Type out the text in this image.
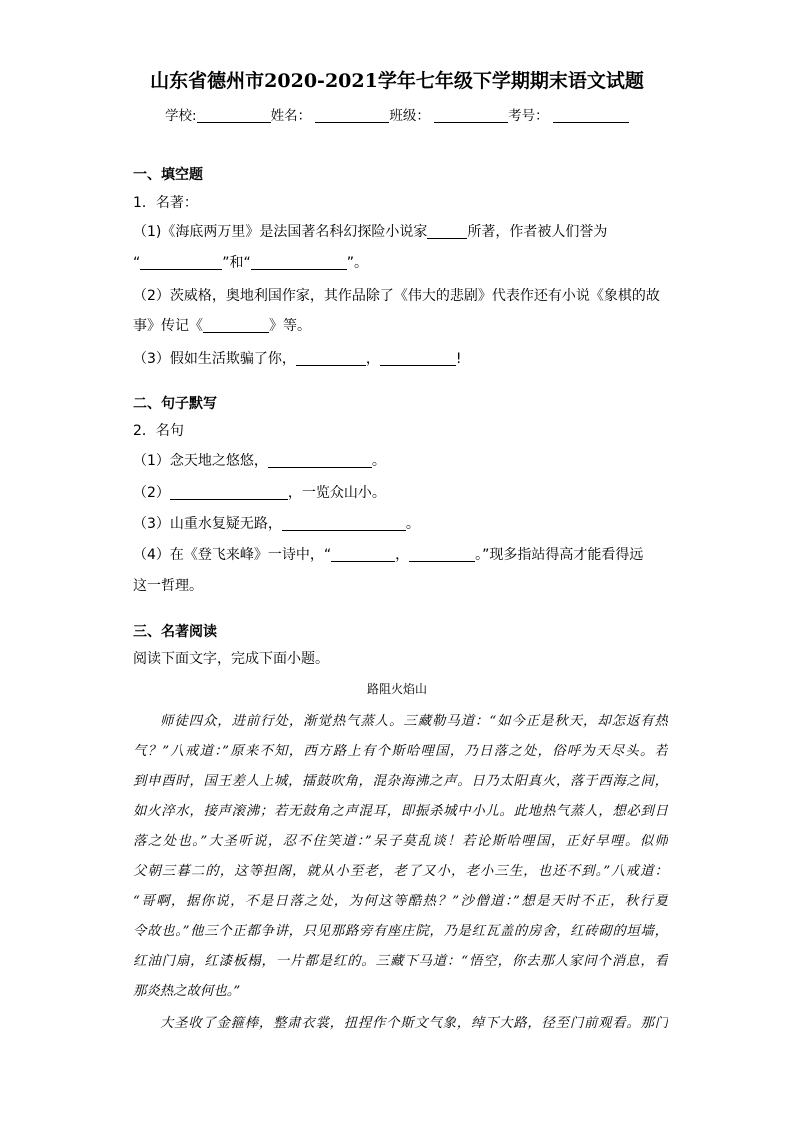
山东省德州市2020-2021学年七年级下学期期末语文试题
学校:	姓名：	班级：	考号：
一、填空题
1．名著：
（1)《海底两万里》是法国著名科幻探险小说家	所著，作者被人们誉为
“	”和“	”。
（2）茨威格，奥地利国作家，其作品除了《伟大的悲剧》代表作还有小说《象棋的故
事》传记《	》等。
（3）假如生活欺骗了你，	，	!
二、句子默写
2．名句
（1）念天地之悠悠，	。
（2）	，一览众山小。
（3）山重水复疑无路，	。
（4）在《登飞来峰》一诗中，“	，	。”现多指站得高才能看得远
这一哲理。
三、名著阅读
阅读下面文字，完成下面小题。
路阻火焰山
师徒四众，进前行处，渐觉热气蒸人。三藏勒马道：“如今正是秋天，却怎返有热
气？”八戒道：”原来不知，西方路上有个斯哈哩国，乃日落之处，俗呼为天尽头。若
到申酉时，国王差人上城，擂鼓吹角，混杂海沸之声。日乃太阳真火，落于西海之间，
如火淬水，接声滚沸；若无鼓角之声混耳，即振杀城中小儿。此地热气蒸人，想必到日
落之处也。”大圣听说，忍不住笑道：”呆子莫乱谈！若论斯哈哩国，正好早哩。似师
父朝三暮二的，这等担阁，就从小至老，老了又小，老小三生，也还不到。”八戒道：
“哥啊，据你说，不是日落之处，为何这等酷热？”沙僧道：”想是天时不正，秋行夏
令故也。”他三个正都争讲，只见那路旁有座庄院，乃是红瓦盖的房舍，红砖砌的垣墙，
红油门扇，红漆板榻，一片都是红的。三藏下马道：“悟空，你去那人家问个消息，看
那炎热之故何也。”
大圣收了金箍棒，整肃衣裳，扭捏作个斯文气象，绰下大路，径至门前观看。那门
